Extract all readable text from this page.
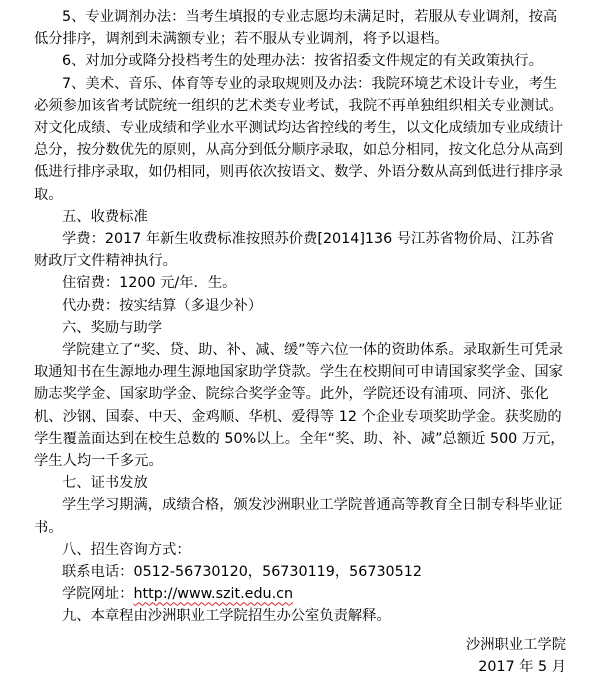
5、专业调剂办法：当考生填报的专业志愿均未满足时，若服从专业调剂，按高低分排序，调剂到未满额专业；若不服从专业调剂，将予以退档。

6、对加分或降分投档考生的处理办法：按省招委文件规定的有关政策执行。

7、美术、音乐、体育等专业的录取规则及办法：我院环境艺术设计专业，考生必须参加该省考试院统一组织的艺术类专业考试，我院不再单独组织相关专业测试。对文化成绩、专业成绩和学业水平测试均达省控线的考生，以文化成绩加专业成绩计总分，按分数优先的原则，从高分到低分顺序录取，如总分相同，按文化总分从高到低进行排序录取，如仍相同，则再依次按语文、数学、外语分数从高到低进行排序录取。

五、收费标准

学费：2017 年新生收费标准按照苏价费[2014]136 号江苏省物价局、江苏省财政厅文件精神执行。

住宿费：1200 元/年．生。

代办费：按实结算（多退少补）

六、奖励与助学

学院建立了“奖、贷、助、补、减、缓”等六位一体的资助体系。录取新生可凭录取通知书在生源地办理生源地国家助学贷款。学生在校期间可申请国家奖学金、国家励志奖学金、国家助学金、院综合奖学金等。此外，学院还设有浦项、同济、张化机、沙钢、国泰、中天、金鸡顺、华机、爱得等 12 个企业专项奖助学金。获奖励的学生覆盖面达到在校生总数的 50%以上。全年“奖、助、补、减”总额近 500 万元，学生人均一千多元。

七、证书发放

学生学习期满，成绩合格，颁发沙洲职业工学院普通高等教育全日制专科毕业证书。

八、招生咨询方式：

联系电话：0512-56730120，56730119，56730512

学院网址：http://www.szit.edu.cn

九、本章程由沙洲职业工学院招生办公室负责解释。

沙洲职业工学院
2017 年 5 月
